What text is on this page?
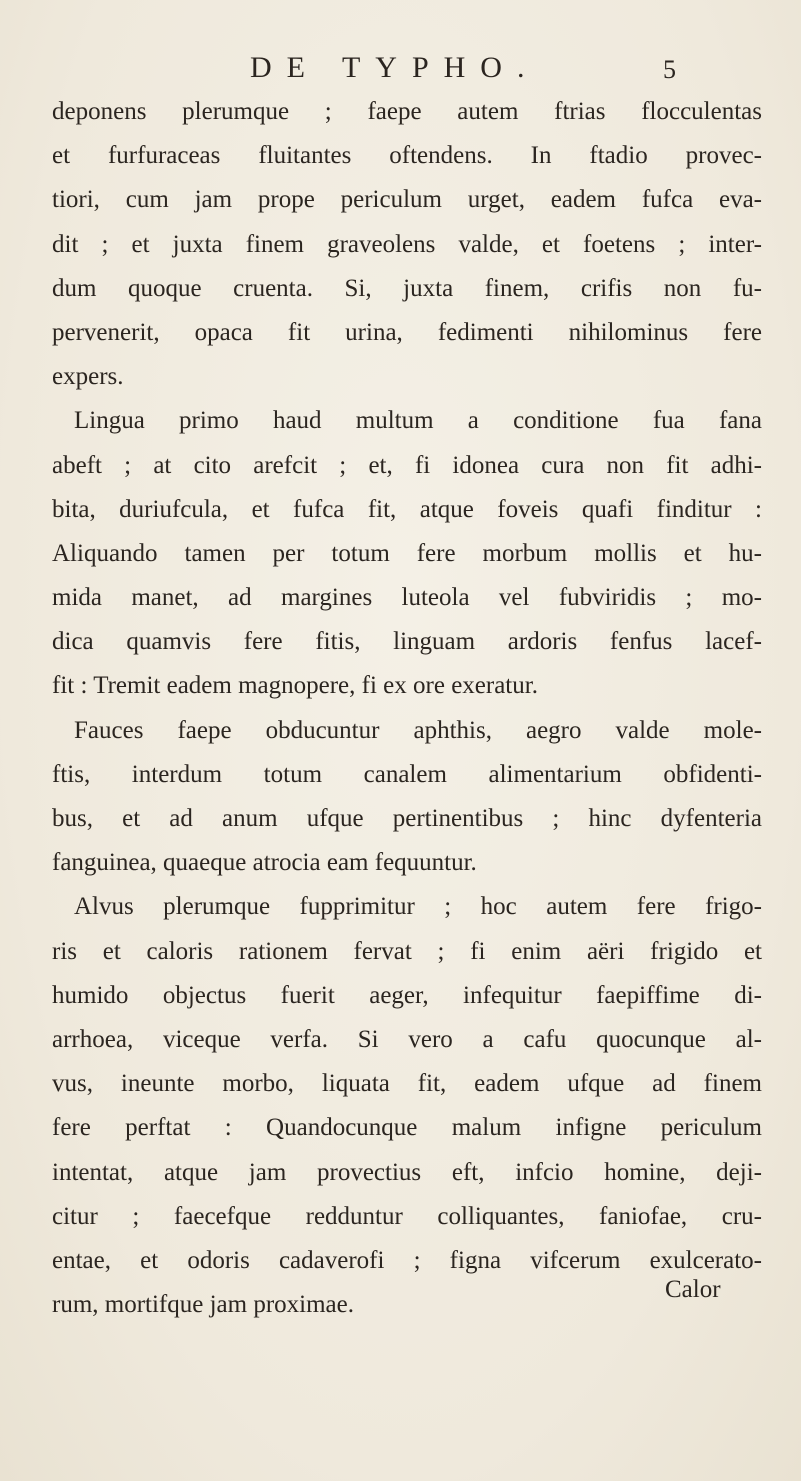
DE TYPHO.	5
deponens plerumque ; faepe autem ftrias flocculentas
et furfuraceas fluitantes oftendens. In ftadio provec-
tiori, cum jam prope periculum urget, eadem fufca eva-
dit ; et juxta finem graveolens valde, et foetens ; inter-
dum quoque cruenta. Si, juxta finem, crifis non fu-
pervenerit, opaca fit urina, fedimenti nihilominus fere
expers.
Lingua primo haud multum a conditione fua fana
abeft ; at cito arefcit ; et, fi idonea cura non fit adhi-
bita, duriufcula, et fufca fit, atque foveis quafi finditur :
Aliquando tamen per totum fere morbum mollis et hu-
mida manet, ad margines luteola vel fubviridis ; mo-
dica quamvis fere fitis, linguam ardoris fenfus lacef-
fit : Tremit eadem magnopere, fi ex ore exeratur.
Fauces faepe obducuntur aphthis, aegro valde mole-
ftis, interdum totum canalem alimentarium obfidenti-
bus, et ad anum ufque pertinentibus ; hinc dyfenteria
fanguinea, quaeque atrocia eam fequuntur.
Alvus plerumque fupprimitur ; hoc autem fere frigo-
ris et caloris rationem fervat ; fi enim aëri frigido et
humido objectus fuerit aeger, infequitur faepiffime di-
arrhoea, viceque verfa. Si vero a cafu quocunque al-
vus, ineunte morbo, liquata fit, eadem ufque ad finem
fere perftat : Quandocunque malum infigne periculum
intentat, atque jam provectius eft, infcio homine, deji-
citur ; faecefque redduntur colliquantes, faniofae, cru-
entae, et odoris cadaverofi ; figna vifcerum exulcerato-
rum, mortifque jam proximae.
Calor
